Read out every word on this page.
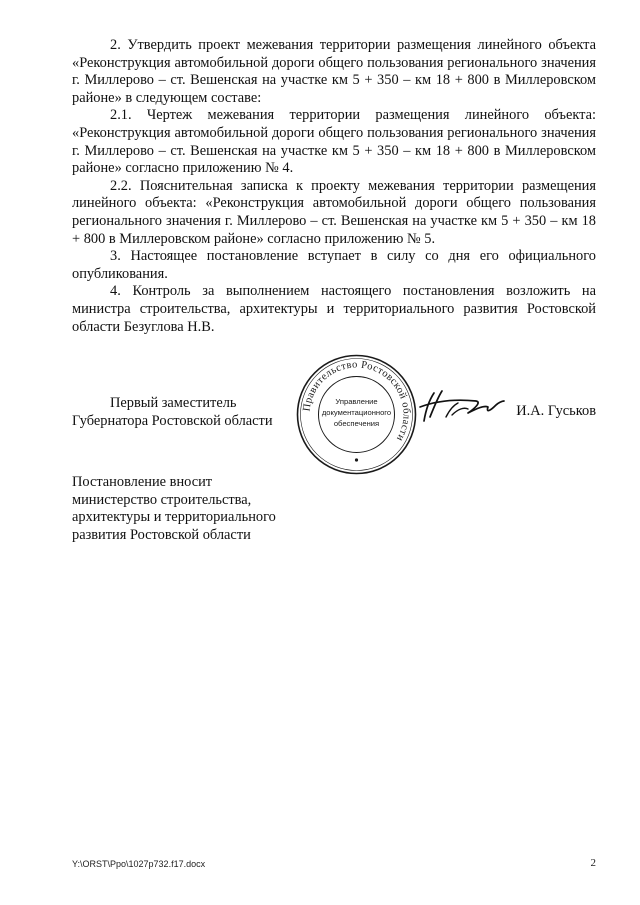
2. Утвердить проект межевания территории размещения линейного объекта «Реконструкция автомобильной дороги общего пользования регионального значения г. Миллерово – ст. Вешенская на участке км 5 + 350 – км 18 + 800 в Миллеровском районе» в следующем составе:

2.1. Чертеж межевания территории размещения линейного объекта: «Реконструкция автомобильной дороги общего пользования регионального значения г. Миллерово – ст. Вешенская на участке км 5 + 350 – км 18 + 800 в Миллеровском районе» согласно приложению № 4.

2.2. Пояснительная записка к проекту межевания территории размещения линейного объекта: «Реконструкция автомобильной дороги общего пользования регионального значения г. Миллерово – ст. Вешенская на участке км 5 + 350 – км 18 + 800 в Миллеровском районе» согласно приложению № 5.

3. Настоящее постановление вступает в силу со дня его официального опубликования.

4. Контроль за выполнением настоящего постановления возложить на министра строительства, архитектуры и территориального развития Ростовской области Безуглова Н.В.

Первый заместитель
Губернатора Ростовской области
И.А. Гуськов
Правительство Ростовской области
Управление
документационного
обеспечения
Постановление вносит
министерство строительства,
архитектуры и территориального
развития Ростовской области
Y:\ORST\Ppo\1027p732.f17.docx	2
